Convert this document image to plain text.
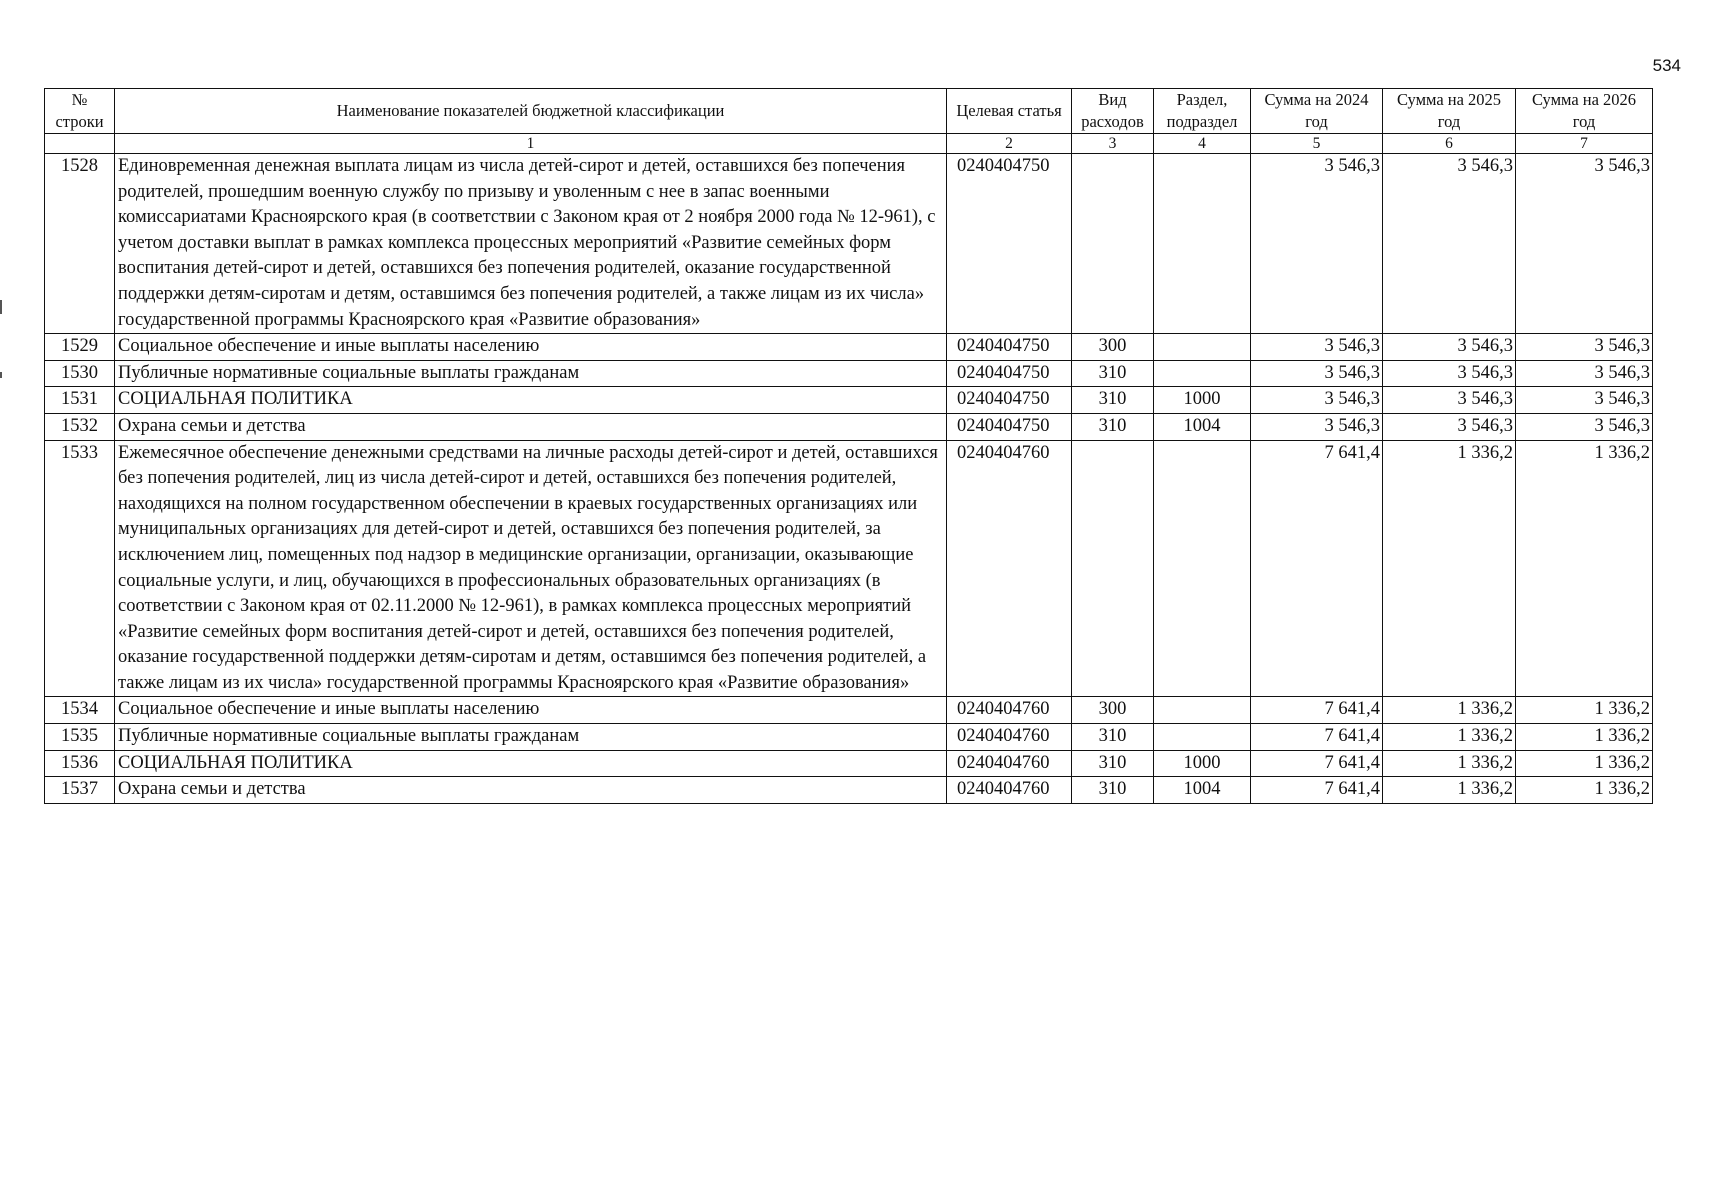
534
№ строки	Наименование показателей бюджетной классификации	Целевая статья	Вид расходов	Раздел, подраздел	Сумма на 2024 год	Сумма на 2025 год	Сумма на 2026 год
	1	2	3	4	5	6	7
1528	Единовременная денежная выплата лицам из числа детей-сирот и детей, оставшихся без попечения родителей, прошедшим военную службу по призыву и уволенным с нее в запас военными комиссариатами Красноярского края (в соответствии с Законом края от 2 ноября 2000 года № 12-961), с учетом доставки выплат в рамках комплекса процессных мероприятий «Развитие семейных форм воспитания детей-сирот и детей, оставшихся без попечения родителей, оказание государственной поддержки детям-сиротам и детям, оставшимся без попечения родителей, а также лицам из их числа» государственной программы Красноярского края «Развитие образования»	0240404750			3 546,3	3 546,3	3 546,3
1529	Социальное обеспечение и иные выплаты населению	0240404750	300		3 546,3	3 546,3	3 546,3
1530	Публичные нормативные социальные выплаты гражданам	0240404750	310		3 546,3	3 546,3	3 546,3
1531	СОЦИАЛЬНАЯ ПОЛИТИКА	0240404750	310	1000	3 546,3	3 546,3	3 546,3
1532	Охрана семьи и детства	0240404750	310	1004	3 546,3	3 546,3	3 546,3
1533	Ежемесячное обеспечение денежными средствами на личные расходы детей-сирот и детей, оставшихся без попечения родителей, лиц из числа детей-сирот и детей, оставшихся без попечения родителей, находящихся на полном государственном обеспечении в краевых государственных организациях или муниципальных организациях для детей-сирот и детей, оставшихся без попечения родителей, за исключением лиц, помещенных под надзор в медицинские организации, организации, оказывающие социальные услуги, и лиц, обучающихся в профессиональных образовательных организациях (в соответствии с Законом края от 02.11.2000 № 12-961), в рамках комплекса процессных мероприятий «Развитие семейных форм воспитания детей-сирот и детей, оставшихся без попечения родителей, оказание государственной поддержки детям-сиротам и детям, оставшимся без попечения родителей, а также лицам из их числа» государственной программы Красноярского края «Развитие образования»	0240404760			7 641,4	1 336,2	1 336,2
1534	Социальное обеспечение и иные выплаты населению	0240404760	300		7 641,4	1 336,2	1 336,2
1535	Публичные нормативные социальные выплаты гражданам	0240404760	310		7 641,4	1 336,2	1 336,2
1536	СОЦИАЛЬНАЯ ПОЛИТИКА	0240404760	310	1000	7 641,4	1 336,2	1 336,2
1537	Охрана семьи и детства	0240404760	310	1004	7 641,4	1 336,2	1 336,2
